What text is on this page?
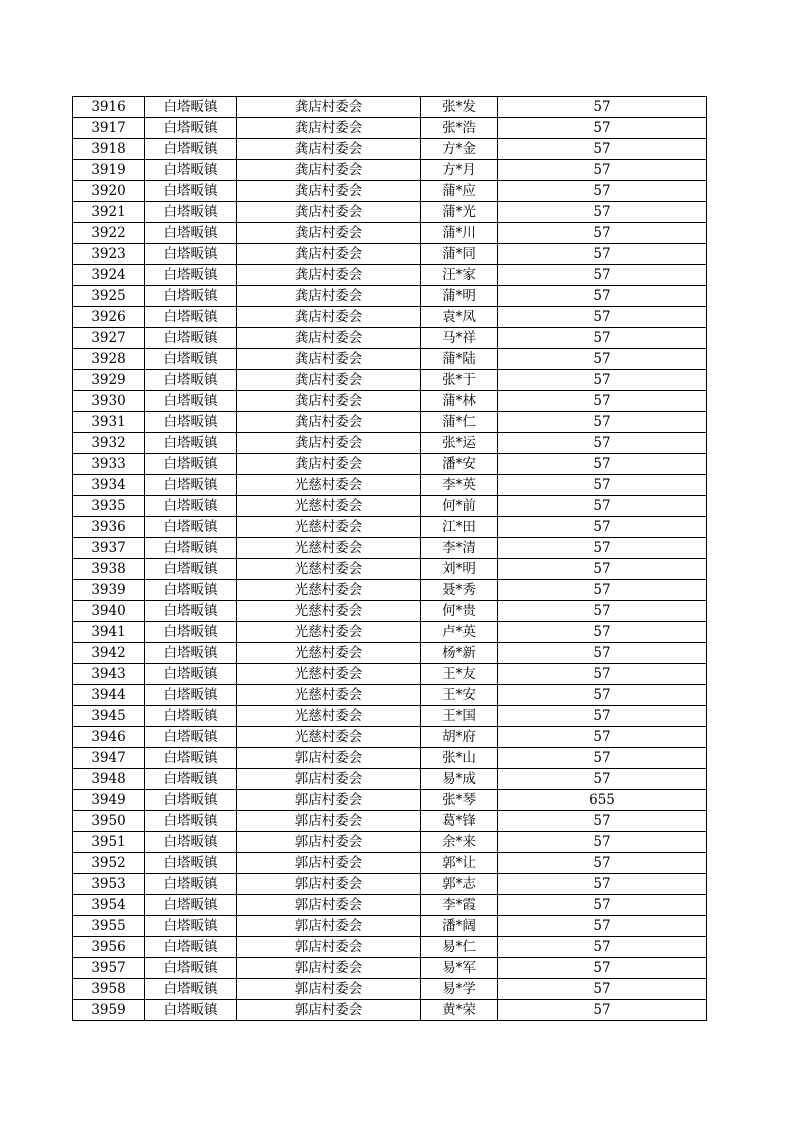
3916	白塔畈镇	龚店村委会	张*发	57
3917	白塔畈镇	龚店村委会	张*浩	57
3918	白塔畈镇	龚店村委会	方*金	57
3919	白塔畈镇	龚店村委会	方*月	57
3920	白塔畈镇	龚店村委会	蒲*应	57
3921	白塔畈镇	龚店村委会	蒲*光	57
3922	白塔畈镇	龚店村委会	蒲*川	57
3923	白塔畈镇	龚店村委会	蒲*同	57
3924	白塔畈镇	龚店村委会	汪*家	57
3925	白塔畈镇	龚店村委会	蒲*明	57
3926	白塔畈镇	龚店村委会	袁*凤	57
3927	白塔畈镇	龚店村委会	马*祥	57
3928	白塔畈镇	龚店村委会	蒲*陆	57
3929	白塔畈镇	龚店村委会	张*于	57
3930	白塔畈镇	龚店村委会	蒲*林	57
3931	白塔畈镇	龚店村委会	蒲*仁	57
3932	白塔畈镇	龚店村委会	张*运	57
3933	白塔畈镇	龚店村委会	潘*安	57
3934	白塔畈镇	光慈村委会	李*英	57
3935	白塔畈镇	光慈村委会	何*前	57
3936	白塔畈镇	光慈村委会	江*田	57
3937	白塔畈镇	光慈村委会	李*清	57
3938	白塔畈镇	光慈村委会	刘*明	57
3939	白塔畈镇	光慈村委会	聂*秀	57
3940	白塔畈镇	光慈村委会	何*贵	57
3941	白塔畈镇	光慈村委会	卢*英	57
3942	白塔畈镇	光慈村委会	杨*新	57
3943	白塔畈镇	光慈村委会	王*友	57
3944	白塔畈镇	光慈村委会	王*安	57
3945	白塔畈镇	光慈村委会	王*国	57
3946	白塔畈镇	光慈村委会	胡*府	57
3947	白塔畈镇	郭店村委会	张*山	57
3948	白塔畈镇	郭店村委会	易*成	57
3949	白塔畈镇	郭店村委会	张*琴	655
3950	白塔畈镇	郭店村委会	葛*锋	57
3951	白塔畈镇	郭店村委会	余*来	57
3952	白塔畈镇	郭店村委会	郭*让	57
3953	白塔畈镇	郭店村委会	郭*志	57
3954	白塔畈镇	郭店村委会	李*霞	57
3955	白塔畈镇	郭店村委会	潘*阔	57
3956	白塔畈镇	郭店村委会	易*仁	57
3957	白塔畈镇	郭店村委会	易*军	57
3958	白塔畈镇	郭店村委会	易*学	57
3959	白塔畈镇	郭店村委会	黄*荣	57
